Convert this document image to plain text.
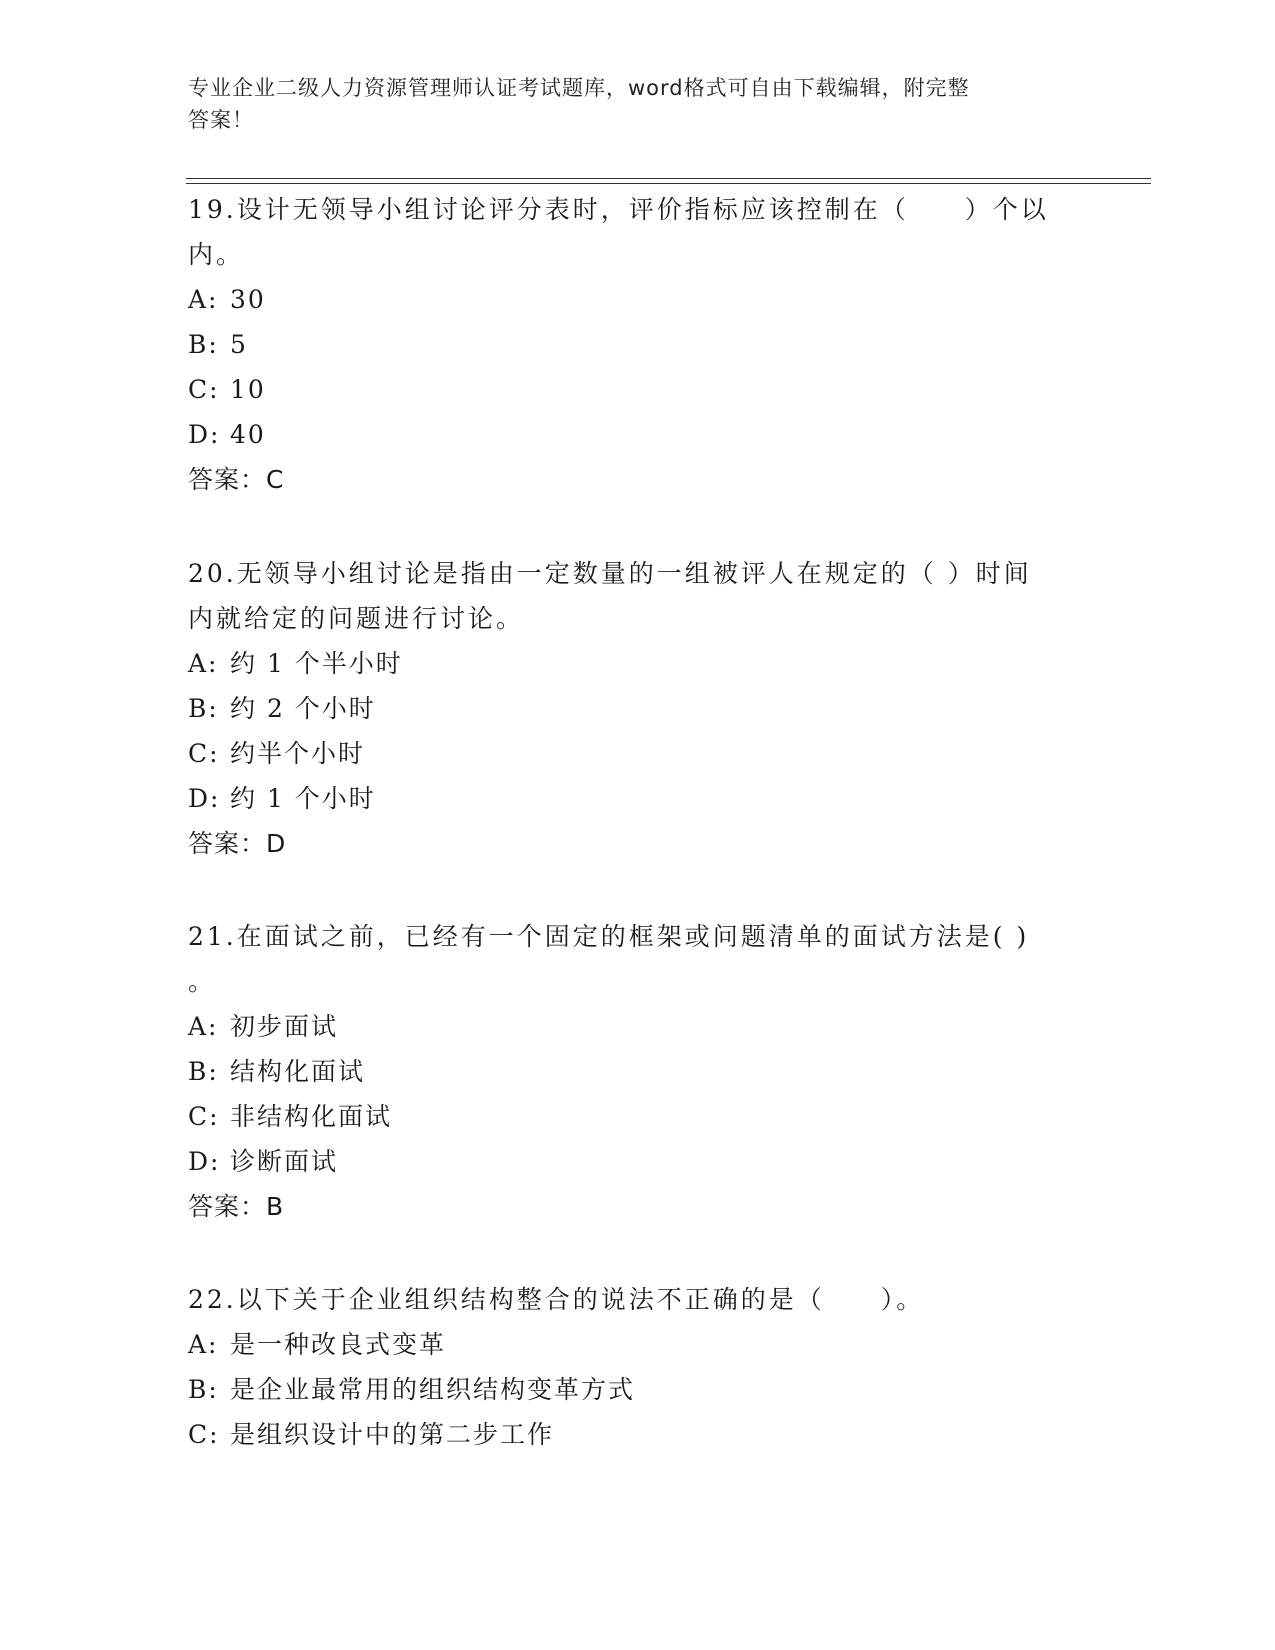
专业企业二级人力资源管理师认证考试题库，word格式可自由下载编辑，附完整
答案！

19.设计无领导小组讨论评分表时，评价指标应该控制在（　　）个以

内。

A: 30

B: 5

C: 10

D: 40

答案：C

20.无领导小组讨论是指由一定数量的一组被评人在规定的（ ）时间

内就给定的问题进行讨论。

A: 约 1 个半小时

B: 约 2 个小时

C: 约半个小时

D: 约 1 个小时

答案：D

21.在面试之前，已经有一个固定的框架或问题清单的面试方法是( )

。

A: 初步面试

B: 结构化面试

C: 非结构化面试

D: 诊断面试

答案：B

22.以下关于企业组织结构整合的说法不正确的是（　　）。

A: 是一种改良式变革

B: 是企业最常用的组织结构变革方式

C: 是组织设计中的第二步工作
